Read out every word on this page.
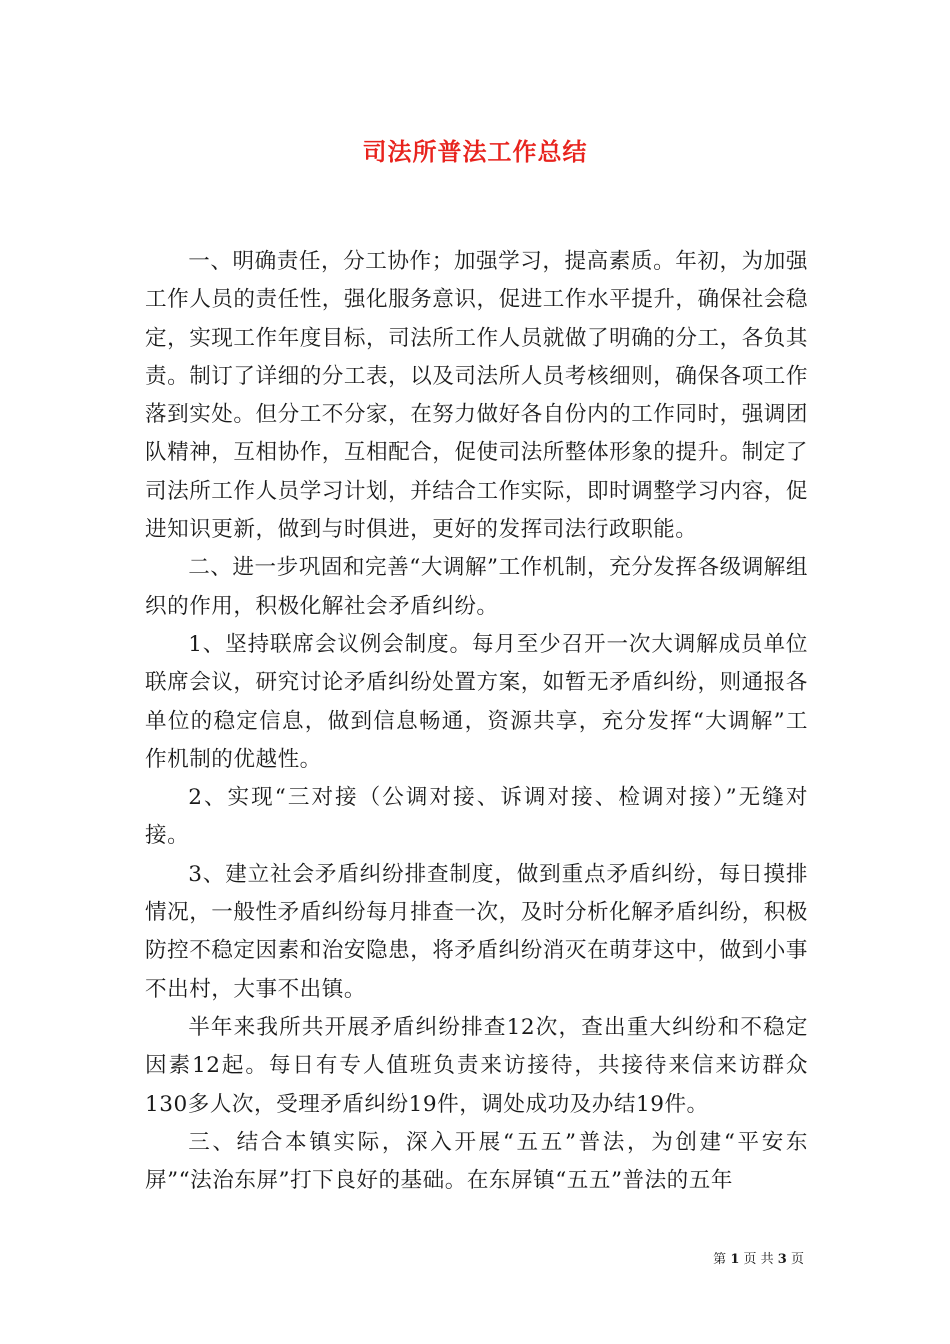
司法所普法工作总结

一、明确责任，分工协作；加强学习，提高素质。年初，为加强工作人员的责任性，强化服务意识，促进工作水平提升，确保社会稳定，实现工作年度目标，司法所工作人员就做了明确的分工，各负其责。制订了详细的分工表，以及司法所人员考核细则，确保各项工作落到实处。但分工不分家，在努力做好各自份内的工作同时，强调团队精神，互相协作，互相配合，促使司法所整体形象的提升。制定了司法所工作人员学习计划，并结合工作实际，即时调整学习内容，促进知识更新，做到与时俱进，更好的发挥司法行政职能。

二、进一步巩固和完善“大调解”工作机制，充分发挥各级调解组织的作用，积极化解社会矛盾纠纷。

1、坚持联席会议例会制度。每月至少召开一次大调解成员单位联席会议，研究讨论矛盾纠纷处置方案，如暂无矛盾纠纷，则通报各单位的稳定信息，做到信息畅通，资源共享，充分发挥“大调解”工作机制的优越性。

2、实现“三对接（公调对接、诉调对接、检调对接）”无缝对接。

3、建立社会矛盾纠纷排查制度，做到重点矛盾纠纷，每日摸排情况，一般性矛盾纠纷每月排查一次，及时分析化解矛盾纠纷，积极防控不稳定因素和治安隐患，将矛盾纠纷消灭在萌芽这中，做到小事不出村，大事不出镇。

半年来我所共开展矛盾纠纷排查12次，查出重大纠纷和不稳定因素12起。每日有专人值班负责来访接待，共接待来信来访群众130多人次，受理矛盾纠纷19件，调处成功及办结19件。

三、结合本镇实际，深入开展“五五”普法，为创建“平安东屏”“法治东屏”打下良好的基础。在东屏镇“五五”普法的五年

第 1 页 共 3 页
